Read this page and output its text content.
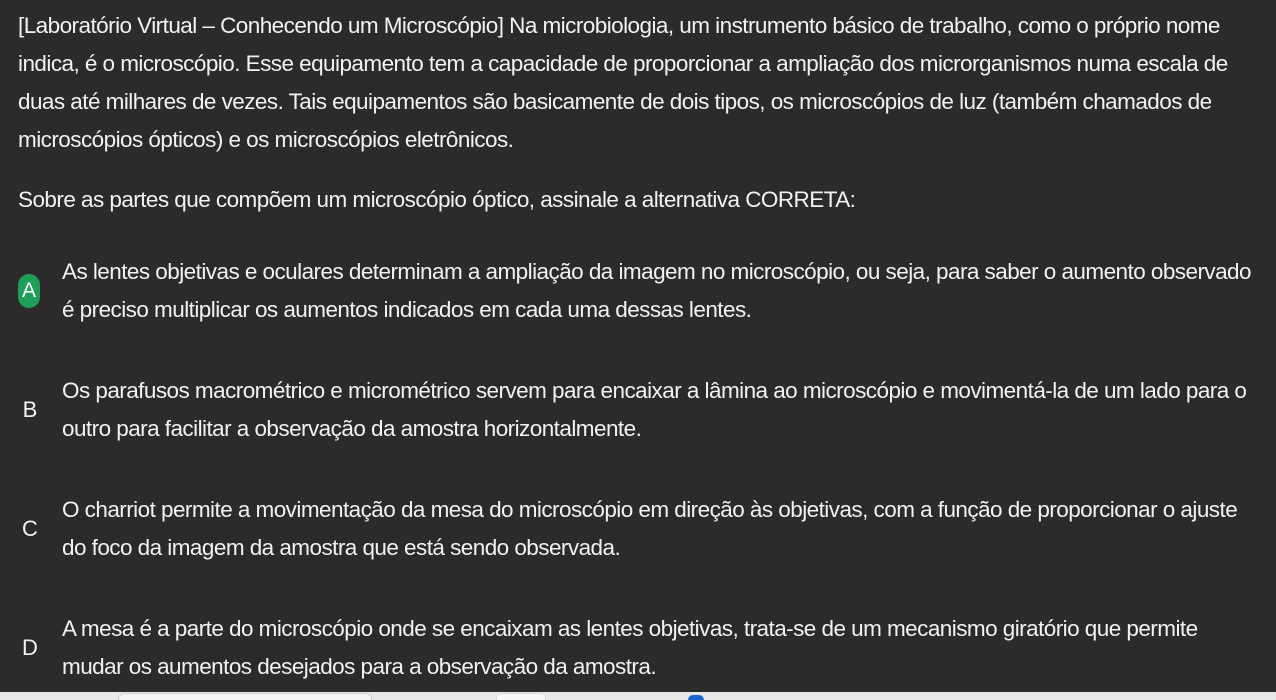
[Laboratório Virtual – Conhecendo um Microscópio] Na microbiologia, um instrumento básico de trabalho, como o próprio nome indica, é o microscópio. Esse equipamento tem a capacidade de proporcionar a ampliação dos microrganismos numa escala de duas até milhares de vezes. Tais equipamentos são basicamente de dois tipos, os microscópios de luz (também chamados de microscópios ópticos) e os microscópios eletrônicos.

Sobre as partes que compõem um microscópio óptico, assinale a alternativa CORRETA:
A
As lentes objetivas e oculares determinam a ampliação da imagem no microscópio, ou seja, para saber o aumento observado é preciso multiplicar os aumentos indicados em cada uma dessas lentes.
B
Os parafusos macrométrico e micrométrico servem para encaixar a lâmina ao microscópio e movimentá-la de um lado para o outro para facilitar a observação da amostra horizontalmente.
C
O charriot permite a movimentação da mesa do microscópio em direção às objetivas, com a função de proporcionar o ajuste do foco da imagem da amostra que está sendo observada.
D
A mesa é a parte do microscópio onde se encaixam as lentes objetivas, trata-se de um mecanismo giratório que permite mudar os aumentos desejados para a observação da amostra.
